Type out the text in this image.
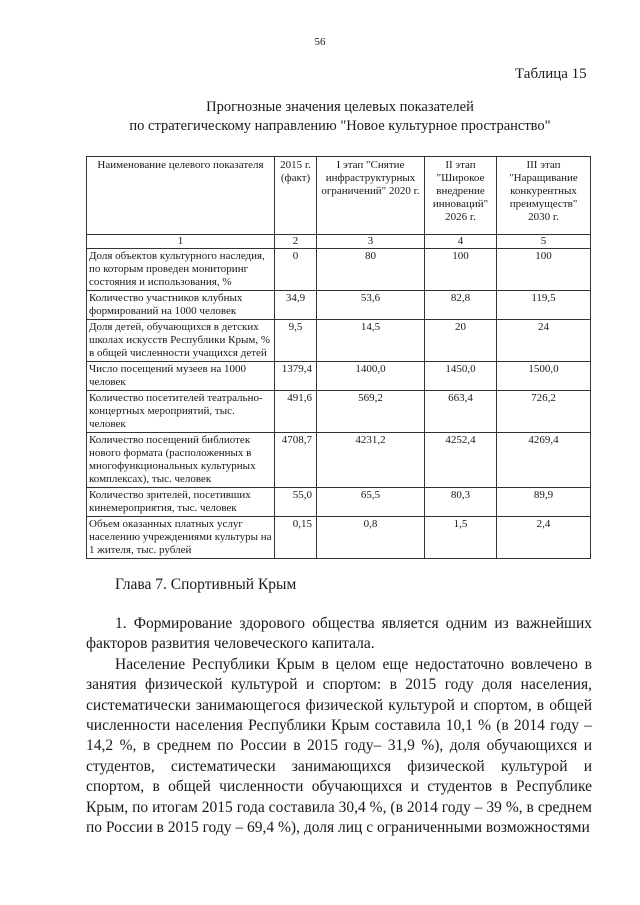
56
Таблица 15
Прогнозные значения целевых показателей
по стратегическому направлению "Новое культурное пространство"
Наименование целевого показателя	2015 г. (факт)	I этап "Снятие инфраструктурных ограничений" 2020 г.	II этап "Широкое внедрение инноваций" 2026 г.	III этап "Наращивание конкурентных преимуществ" 2030 г.
1	2	3	4	5
Доля объектов культурного наследия, по которым проведен мониторинг состояния и использования, %	0	80	100	100
Количество участников клубных формирований на 1000 человек	34,9	53,6	82,8	119,5
Доля детей, обучающихся в детских школах искусств Республики Крым, % в общей численности учащихся детей	9,5	14,5	20	24
Число посещений музеев на 1000 человек	1379,4	1400,0	1450,0	1500,0
Количество посетителей театрально-концертных мероприятий, тыс. человек	491,6	569,2	663,4	726,2
Количество посещений библиотек нового формата (расположенных в многофункциональных культурных комплексах), тыс. человек	4708,7	4231,2	4252,4	4269,4
Количество зрителей, посетивших кинемероприятия, тыс. человек	55,0	65,5	80,3	89,9
Объем оказанных платных услуг населению учреждениями культуры на 1 жителя, тыс. рублей	0,15	0,8	1,5	2,4
Глава 7. Спортивный Крым

1. Формирование здорового общества является одним из важнейших факторов развития человеческого капитала.

Население Республики Крым в целом еще недостаточно вовлечено в занятия физической культурой и спортом: в 2015 году доля населения, систематически занимающегося физической культурой и спортом, в общей численности населения Республики Крым составила 10,1 % (в 2014 году – 14,2 %, в среднем по России в 2015 году– 31,9 %), доля обучающихся и студентов, систематически занимающихся физической культурой и спортом, в общей численности обучающихся и студентов в Республике Крым, по итогам 2015 года составила 30,4 %, (в 2014 году – 39 %, в среднем по России в 2015 году – 69,4 %), доля лиц с ограниченными возможностями
